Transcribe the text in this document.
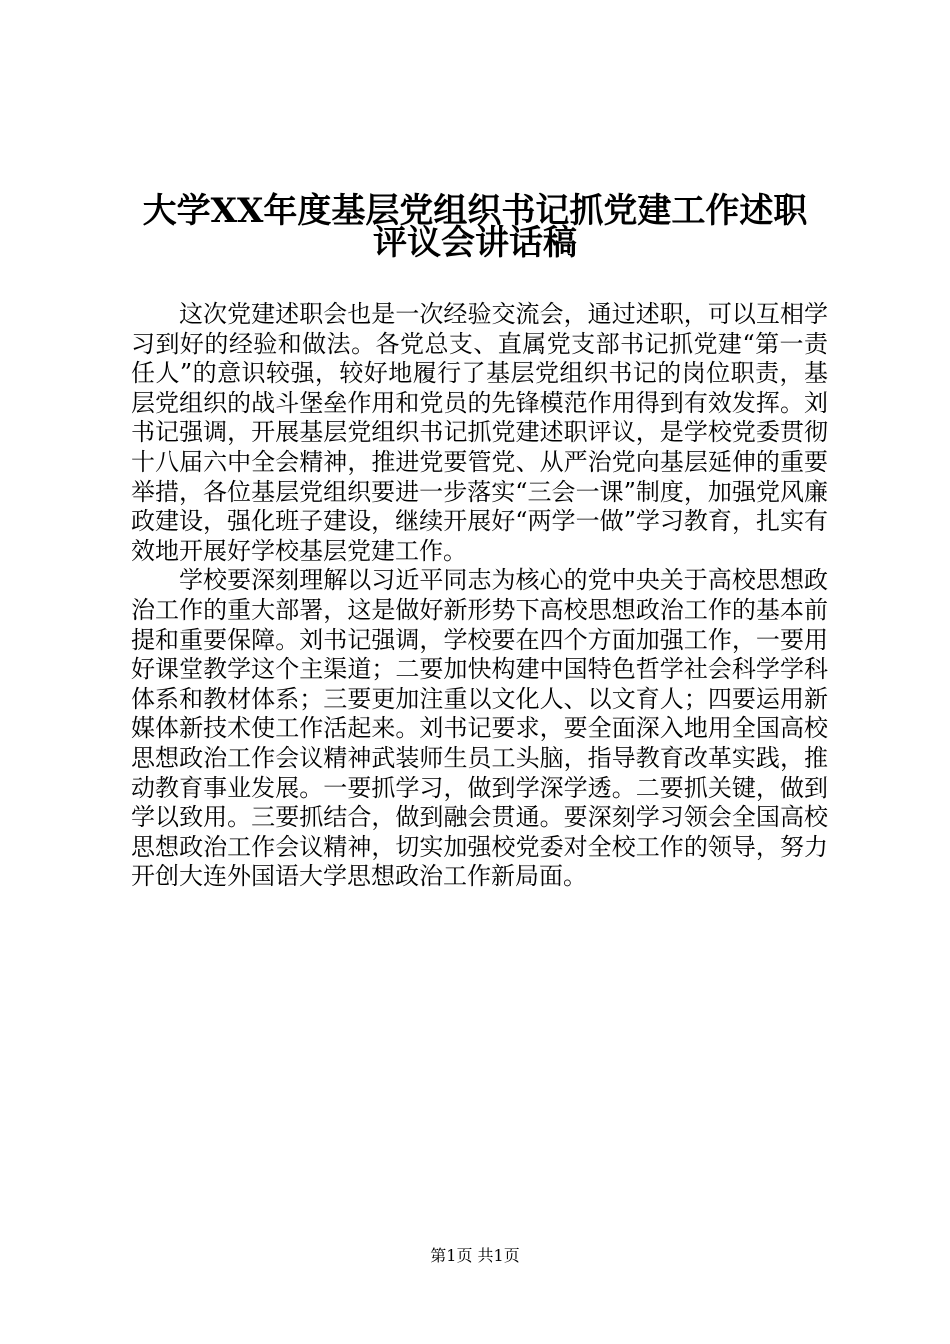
大学XX年度基层党组织书记抓党建工作述职
评议会讲话稿

这次党建述职会也是一次经验交流会，通过述职，可以互相学习到好的经验和做法。各党总支、直属党支部书记抓党建“第一责任人”的意识较强，较好地履行了基层党组织书记的岗位职责，基层党组织的战斗堡垒作用和党员的先锋模范作用得到有效发挥。刘书记强调，开展基层党组织书记抓党建述职评议，是学校党委贯彻十八届六中全会精神，推进党要管党、从严治党向基层延伸的重要举措，各位基层党组织要进一步落实“三会一课”制度，加强党风廉政建设，强化班子建设，继续开展好“两学一做”学习教育，扎实有效地开展好学校基层党建工作。

学校要深刻理解以习近平同志为核心的党中央关于高校思想政治工作的重大部署，这是做好新形势下高校思想政治工作的基本前提和重要保障。刘书记强调，学校要在四个方面加强工作，一要用好课堂教学这个主渠道；二要加快构建中国特色哲学社会科学学科体系和教材体系；三要更加注重以文化人、以文育人；四要运用新媒体新技术使工作活起来。刘书记要求，要全面深入地用全国高校思想政治工作会议精神武装师生员工头脑，指导教育改革实践，推动教育事业发展。一要抓学习，做到学深学透。二要抓关键，做到学以致用。三要抓结合，做到融会贯通。要深刻学习领会全国高校思想政治工作会议精神，切实加强校党委对全校工作的领导，努力开创大连外国语大学思想政治工作新局面。

第1页 共1页
